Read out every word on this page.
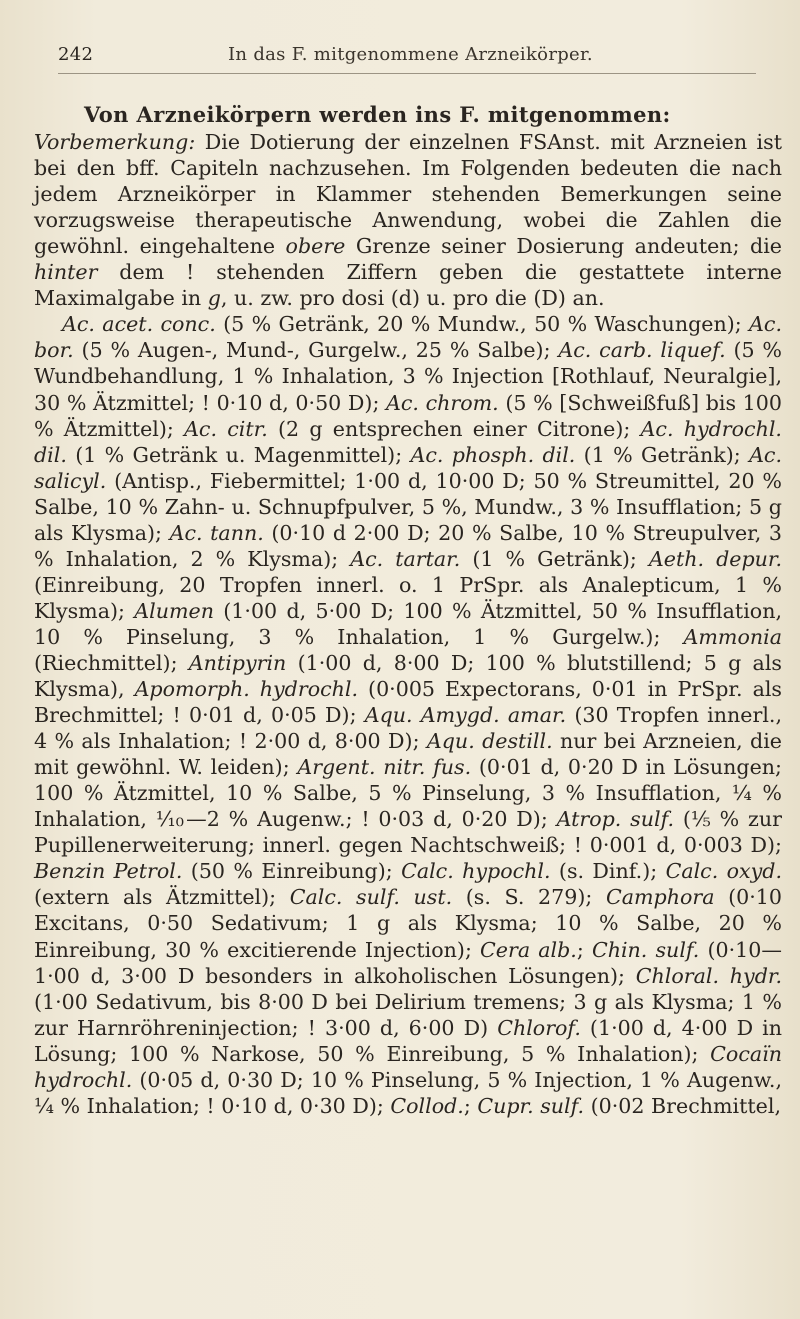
242	In das F. mitgenommene Arzneikörper.

Von Arzneikörpern werden ins F. mitgenommen:

Vorbemerkung: Die Dotierung der einzelnen FSAnst. mit Arzneien ist bei den bff. Capiteln nachzusehen. Im Folgenden bedeuten die nach jedem Arzneikörper in Klammer stehenden Bemerkungen seine vorzugsweise therapeutische Anwendung, wobei die Zahlen die gewöhnl. eingehaltene obere Grenze seiner Dosierung andeuten; die hinter dem ! stehenden Ziffern geben die gestattete interne Maximalgabe in g, u. zw. pro dosi (d) u. pro die (D) an.

Ac. acet. conc. (5 % Getränk, 20 % Mundw., 50 % Waschungen); Ac. bor. (5 % Augen-, Mund-, Gurgelw., 25 % Salbe); Ac. carb. liquef. (5 % Wundbehandlung, 1 % Inhalation, 3 % Injection [Rothlauf, Neuralgie], 30 % Ätzmittel; ! 0·10 d, 0·50 D); Ac. chrom. (5 % [Schweißfuß] bis 100 % Ätzmittel); Ac. citr. (2 g entsprechen einer Citrone); Ac. hydrochl. dil. (1 % Getränk u. Magenmittel); Ac. phosph. dil. (1 % Getränk); Ac. salicyl. (Antisp., Fiebermittel; 1·00 d, 10·00 D; 50 % Streumittel, 20 % Salbe, 10 % Zahn- u. Schnupfpulver, 5 %, Mundw., 3 % Insufflation; 5 g als Klysma); Ac. tann. (0·10 d 2·00 D; 20 % Salbe, 10 % Streupulver, 3 % Inhalation, 2 % Klysma); Ac. tartar. (1 % Getränk); Aeth. depur. (Einreibung, 20 Tropfen innerl. o. 1 PrSpr. als Analepticum, 1 % Klysma); Alumen (1·00 d, 5·00 D; 100 % Ätzmittel, 50 % Insufflation, 10 % Pinselung, 3 % Inhalation, 1 % Gurgelw.); Ammonia (Riechmittel); Antipyrin (1·00 d, 8·00 D; 100 % blutstillend; 5 g als Klysma), Apomorph. hydrochl. (0·005 Expectorans, 0·01 in PrSpr. als Brechmittel; ! 0·01 d, 0·05 D); Aqu. Amygd. amar. (30 Tropfen innerl., 4 % als Inhalation; ! 2·00 d, 8·00 D); Aqu. destill. nur bei Arzneien, die mit gewöhnl. W. leiden); Argent. nitr. fus. (0·01 d, 0·20 D in Lösungen; 100 % Ätzmittel, 10 % Salbe, 5 % Pinselung, 3 % Insufflation, ¼ % Inhalation, ⅒—2 % Augenw.; ! 0·03 d, 0·20 D); Atrop. sulf. (⅕ % zur Pupillenerweiterung; innerl. gegen Nachtschweiß; ! 0·001 d, 0·003 D); Benzin Petrol. (50 % Einreibung); Calc. hypochl. (s. Dinf.); Calc. oxyd. (extern als Ätzmittel); Calc. sulf. ust. (s. S. 279); Camphora (0·10 Excitans, 0·50 Sedativum; 1 g als Klysma; 10 % Salbe, 20 % Einreibung, 30 % excitierende Injection); Cera alb.; Chin. sulf. (0·10—1·00 d, 3·00 D besonders in alkoholischen Lösungen); Chloral. hydr. (1·00 Sedativum, bis 8·00 D bei Delirium tremens; 3 g als Klysma; 1 % zur Harnröhreninjection; ! 3·00 d, 6·00 D) Chlorof. (1·00 d, 4·00 D in Lösung; 100 % Narkose, 50 % Einreibung, 5 % Inhalation); Cocaïn hydrochl. (0·05 d, 0·30 D; 10 % Pinselung, 5 % Injection, 1 % Augenw., ¼ % Inhalation; ! 0·10 d, 0·30 D); Collod.; Cupr. sulf. (0·02 Brechmittel,
